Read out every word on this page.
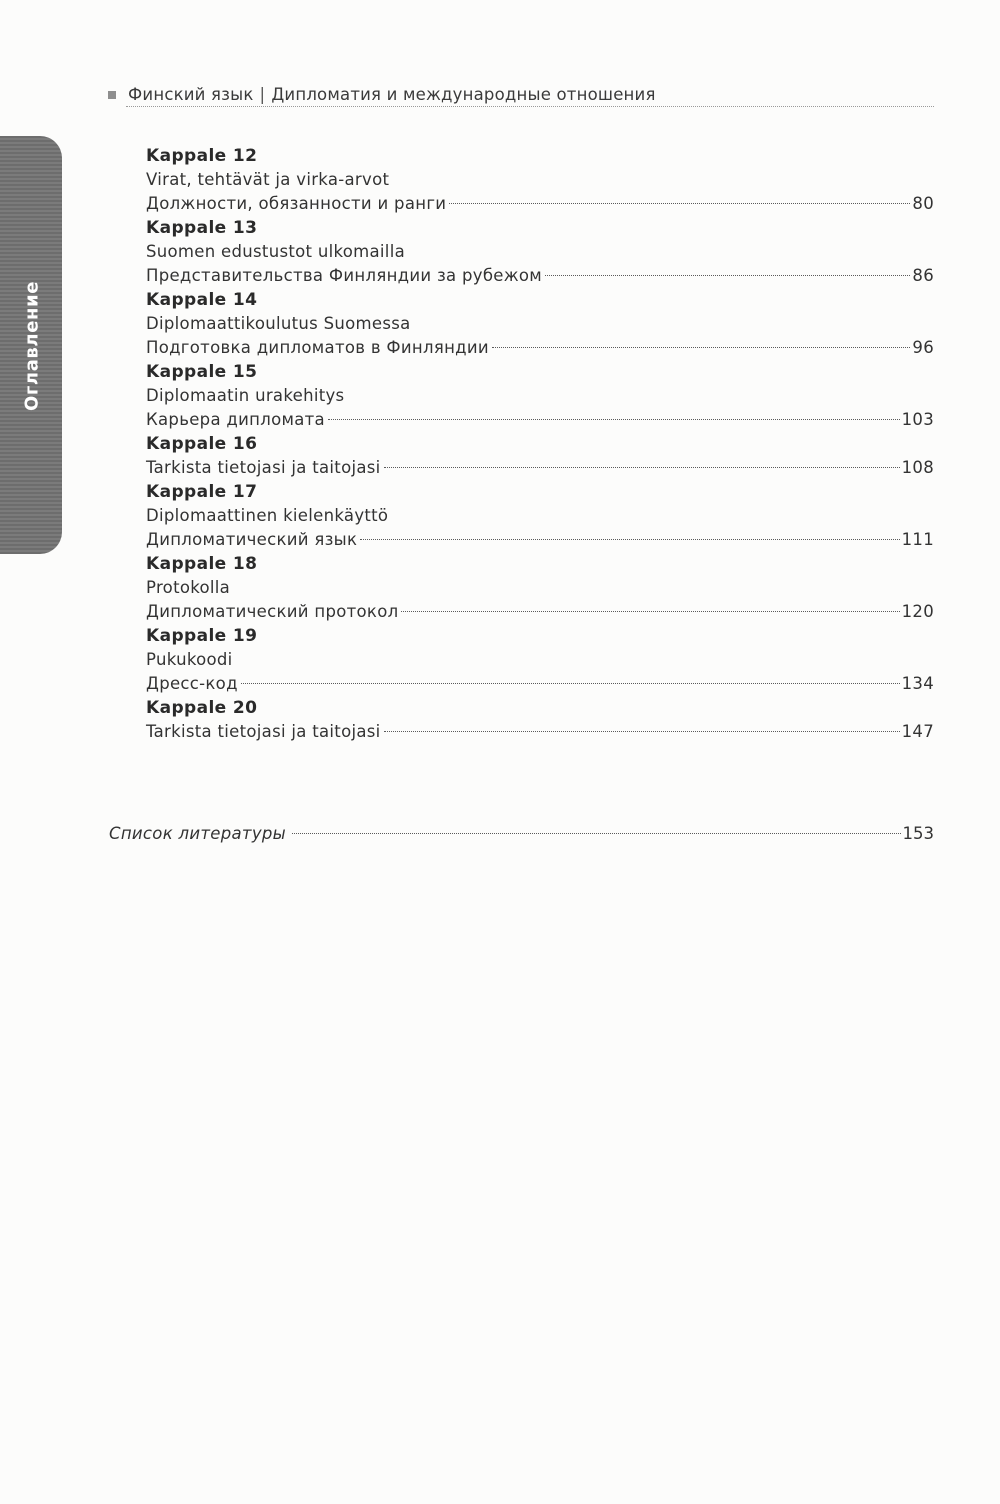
Финский язык | Дипломатия и международные отношения
Оглавление
Kappale 12
Virat, tehtävät ja virka-arvot
Должности, обязанности и ранги	80
Kappale 13
Suomen edustustot ulkomailla
Представительства Финляндии за рубежом	86
Kappale 14
Diplomaattikoulutus Suomessa
Подготовка дипломатов в Финляндии	96
Kappale 15
Diplomaatin urakehitys
Карьера дипломата	103
Kappale 16
Tarkista tietojasi ja taitojasi	108
Kappale 17
Diplomaattinen kielenkäyttö
Дипломатический язык	111
Kappale 18
Protokolla
Дипломатический протокол	120
Kappale 19
Pukukoodi
Дресс-код	134
Kappale 20
Tarkista tietojasi ja taitojasi	147
Список литературы	153
